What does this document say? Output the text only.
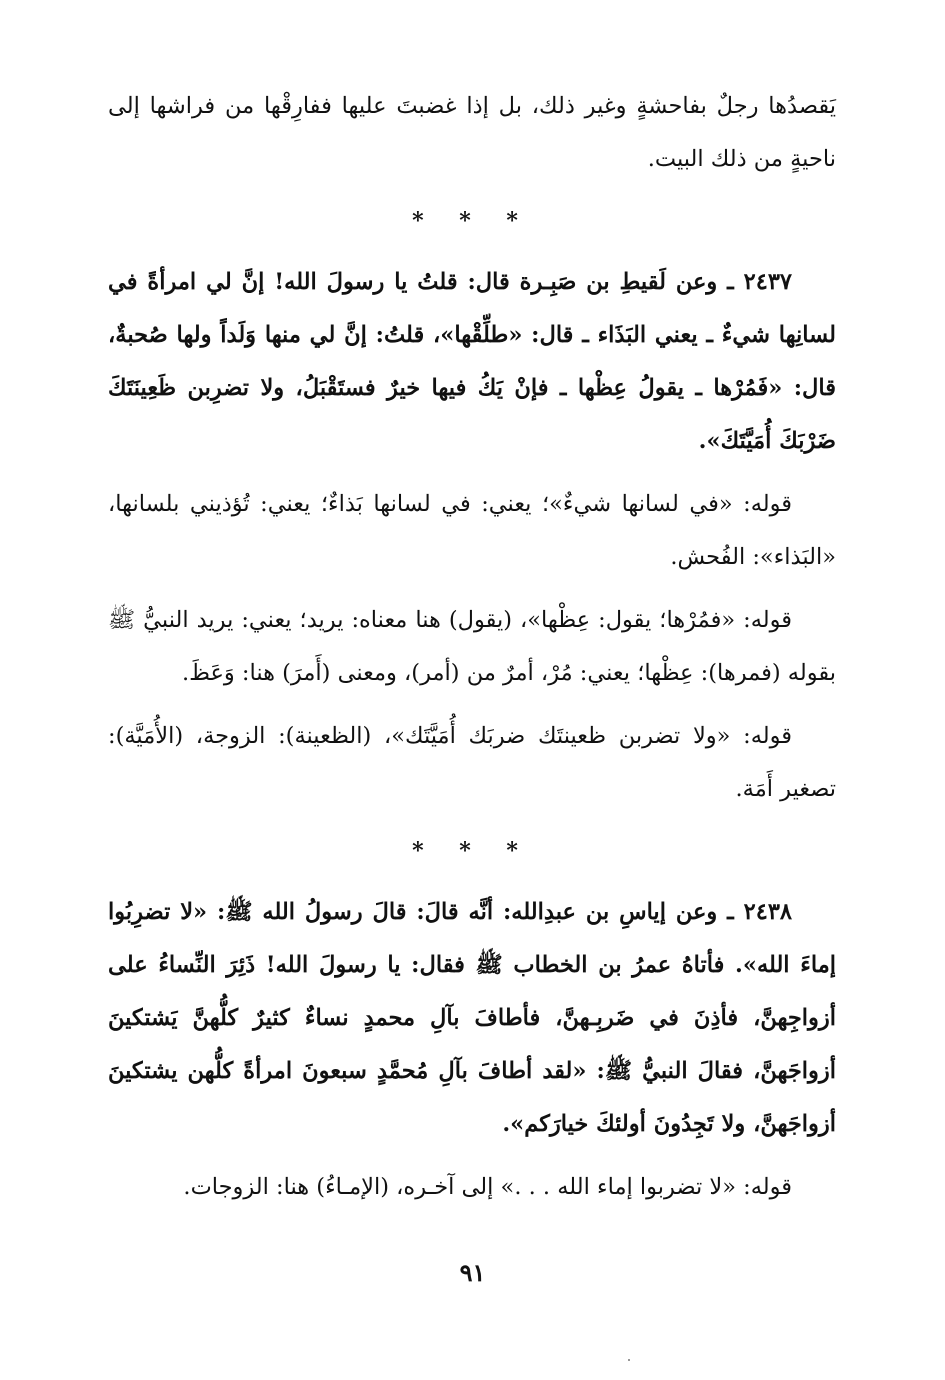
يَقصدُها رجلٌ بفاحشةٍ وغير ذلك، بل إذا غضبتَ عليها ففارِقْها من فراشها إلى ناحيةٍ من ذلك البيت.

* * *

٢٤٣٧ ـ وعن لَقيطِ بن صَبِـرة قال: قلتُ يا رسولَ الله! إنَّ لي امرأةً في لسانِها شيءٌ ـ يعني البَذَاء ـ قال: «طلِّقْها»، قلتُ: إنَّ لي منها وَلَداً ولها صُحبةٌ، قال: «فَمُرْها ـ يقولُ عِظْها ـ فإنْ يَكُ فيها خيرٌ فستَقْبَلُ، ولا تضرِبن ظَعِينَتَكَ ضَرْبَكَ أُمَيَّتَكَ».

قوله: «في لسانها شيءٌ»؛ يعني: في لسانها بَذاءٌ؛ يعني: تُؤذيني بلسانها، «البَذاء»: الفُحش.

قوله: «فمُرْها؛ يقول: عِظْها»، (يقول) هنا معناه: يريد؛ يعني: يريد النبيُّ ﷺ بقوله (فمرها): عِظْها؛ يعني: مُرْ، أمرٌ من (أمر)، ومعنى (أَمرَ) هنا: وَعَظَ.

قوله: «ولا تضربن ظعينتَك ضربَك أُمَيَّتَك»، (الظعينة): الزوجة، (الأُمَيَّة): تصغير أَمَة.

* * *

٢٤٣٨ ـ وعن إياسِ بن عبدِالله: أنَّه قالَ: قالَ رسولُ الله ﷺ: «لا تضرِبُوا إماءَ الله». فأتاهُ عمرُ بن الخطاب ﷺ فقال: يا رسولَ الله! ذَئِرَ النِّساءُ على أزواجِهنَّ، فأذِنَ في ضَربِـهنَّ، فأطافَ بآلِ محمدٍ نساءٌ كثيرٌ كلُّهنَّ يَشتكينَ أزواجَهنَّ، فقالَ النبيُّ ﷺ: «لقد أطافَ بآلِ مُحمَّدٍ سبعونَ امرأةً كلُّهن يشتكينَ أزواجَهنَّ، ولا تَجِدُونَ أولئكَ خيارَكم».

قوله: «لا تضربوا إماء الله . . .» إلى آخـره، (الإمـاءُ) هنا: الزوجات.

٩١
